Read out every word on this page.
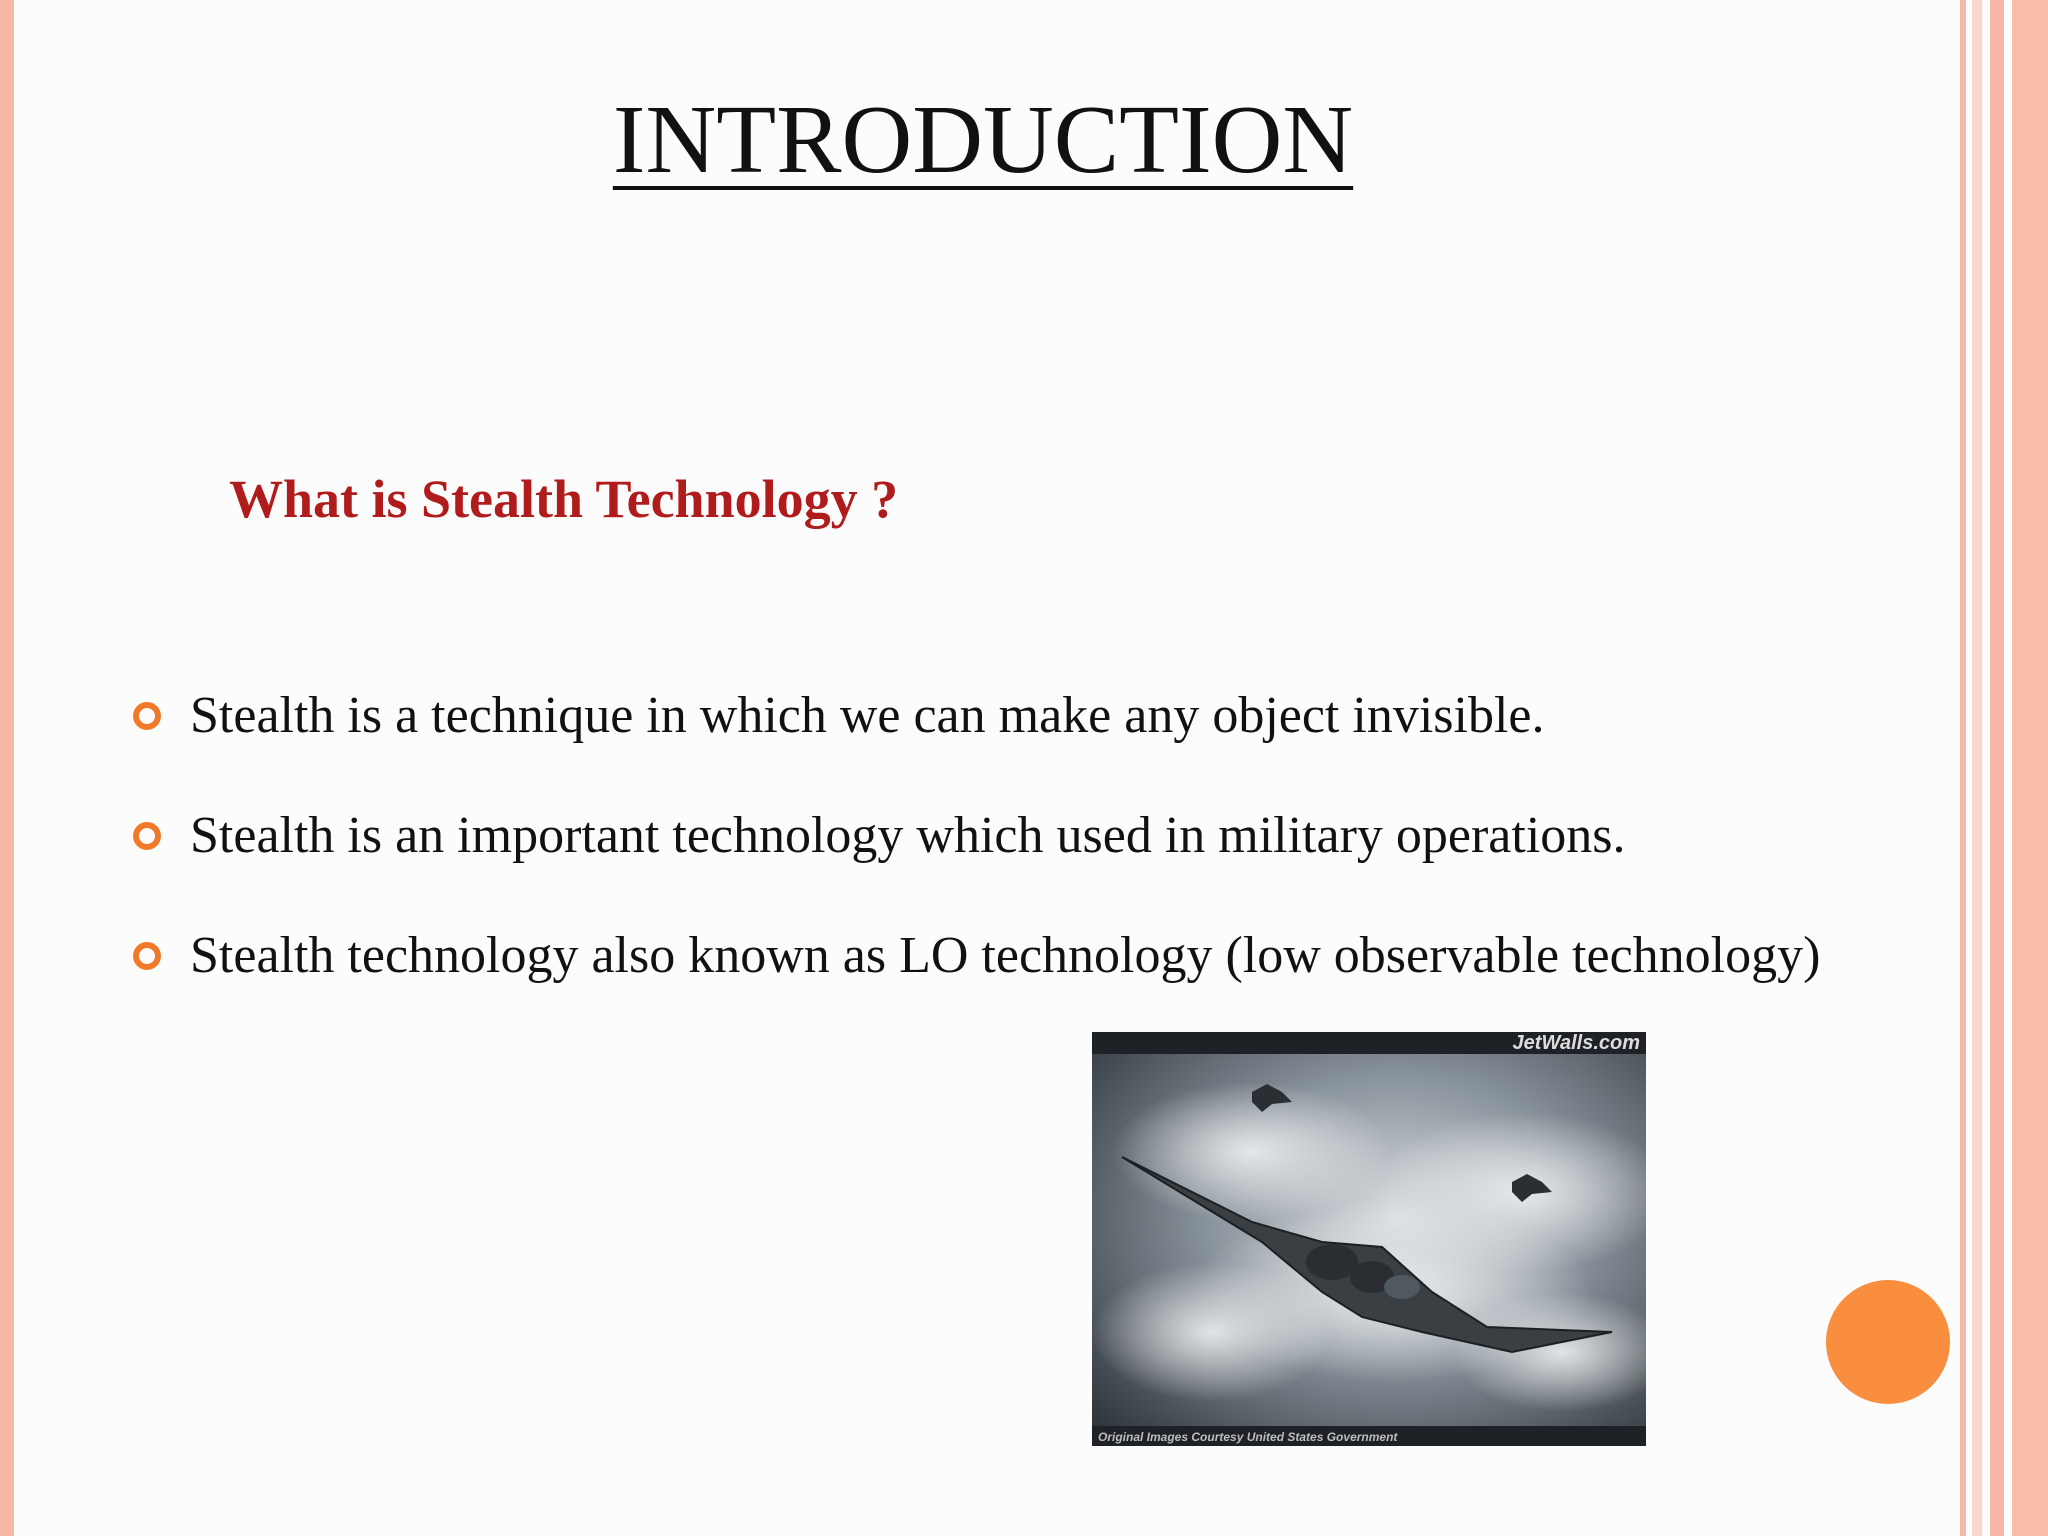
INTRODUCTION
What is Stealth Technology ?
Stealth is a technique in which we can make any object invisible.
Stealth is an important technology which used in military operations.
Stealth technology also known as LO technology (low observable technology)
JetWalls.com
Original Images Courtesy United States Government
